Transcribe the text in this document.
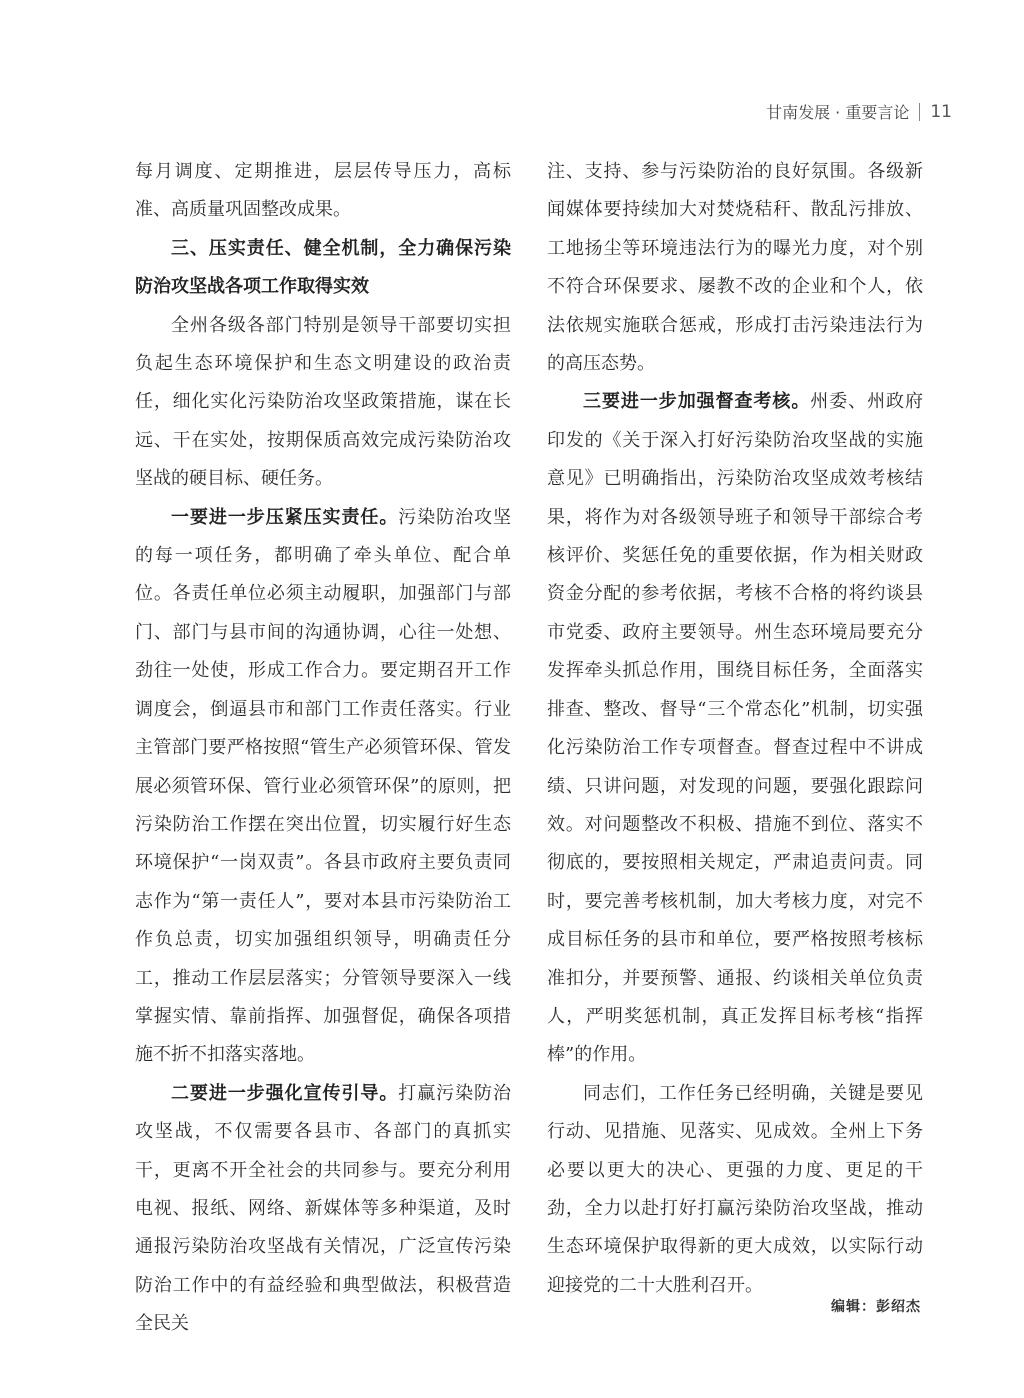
甘南发展 · 重要言论 11

每月调度、定期推进，层层传导压力，高标准、高质量巩固整改成果。

三、压实责任、健全机制，全力确保污染防治攻坚战各项工作取得实效

全州各级各部门特别是领导干部要切实担负起生态环境保护和生态文明建设的政治责任，细化实化污染防治攻坚政策措施，谋在长远、干在实处，按期保质高效完成污染防治攻坚战的硬目标、硬任务。

一要进一步压紧压实责任。污染防治攻坚的每一项任务，都明确了牵头单位、配合单位。各责任单位必须主动履职，加强部门与部门、部门与县市间的沟通协调，心往一处想、劲往一处使，形成工作合力。要定期召开工作调度会，倒逼县市和部门工作责任落实。行业主管部门要严格按照“管生产必须管环保、管发展必须管环保、管行业必须管环保”的原则，把污染防治工作摆在突出位置，切实履行好生态环境保护“一岗双责”。各县市政府主要负责同志作为“第一责任人”，要对本县市污染防治工作负总责，切实加强组织领导，明确责任分工，推动工作层层落实；分管领导要深入一线掌握实情、靠前指挥、加强督促，确保各项措施不折不扣落实落地。

二要进一步强化宣传引导。打赢污染防治攻坚战，不仅需要各县市、各部门的真抓实干，更离不开全社会的共同参与。要充分利用电视、报纸、网络、新媒体等多种渠道，及时通报污染防治攻坚战有关情况，广泛宣传污染防治工作中的有益经验和典型做法，积极营造全民关

注、支持、参与污染防治的良好氛围。各级新闻媒体要持续加大对焚烧秸秆、散乱污排放、工地扬尘等环境违法行为的曝光力度，对个别不符合环保要求、屡教不改的企业和个人，依法依规实施联合惩戒，形成打击污染违法行为的高压态势。

三要进一步加强督查考核。州委、州政府印发的《关于深入打好污染防治攻坚战的实施意见》已明确指出，污染防治攻坚成效考核结果，将作为对各级领导班子和领导干部综合考核评价、奖惩任免的重要依据，作为相关财政资金分配的参考依据，考核不合格的将约谈县市党委、政府主要领导。州生态环境局要充分发挥牵头抓总作用，围绕目标任务，全面落实排查、整改、督导“三个常态化”机制，切实强化污染防治工作专项督查。督查过程中不讲成绩、只讲问题，对发现的问题，要强化跟踪问效。对问题整改不积极、措施不到位、落实不彻底的，要按照相关规定，严肃追责问责。同时，要完善考核机制，加大考核力度，对完不成目标任务的县市和单位，要严格按照考核标准扣分，并要预警、通报、约谈相关单位负责人，严明奖惩机制，真正发挥目标考核“指挥棒”的作用。

同志们，工作任务已经明确，关键是要见行动、见措施、见落实、见成效。全州上下务必要以更大的决心、更强的力度、更足的干劲，全力以赴打好打赢污染防治攻坚战，推动生态环境保护取得新的更大成效，以实际行动迎接党的二十大胜利召开。

编辑：彭绍杰
